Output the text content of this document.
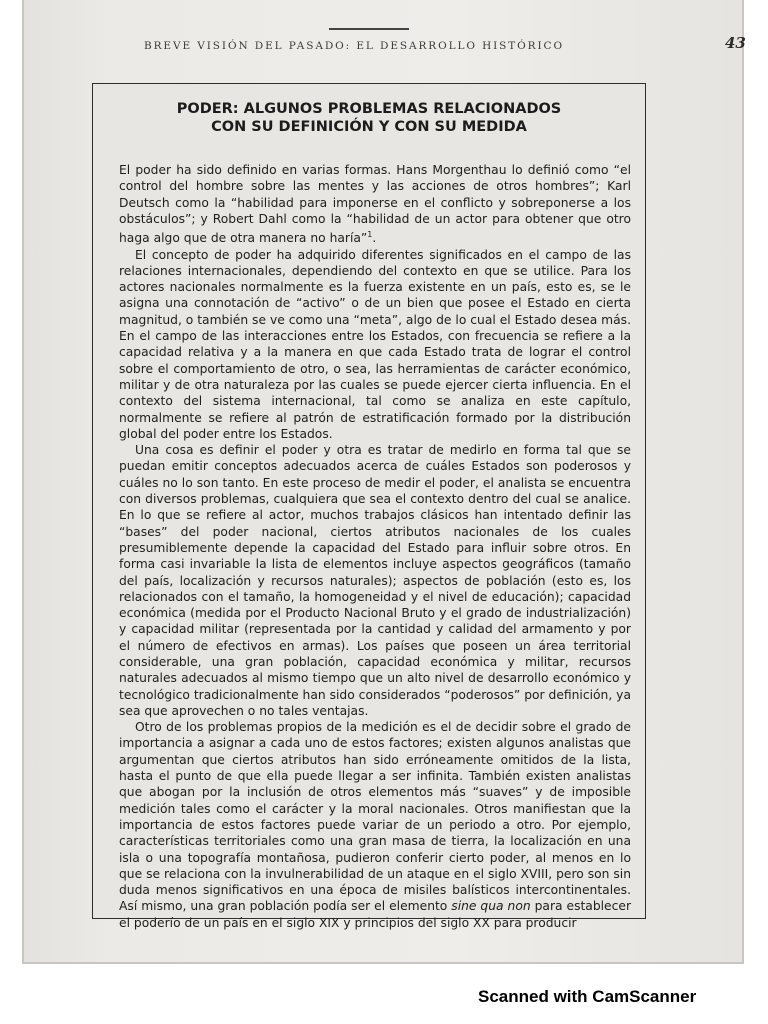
BREVE VISIÓN DEL PASADO: EL DESARROLLO HISTÓRICO	43
PODER: ALGUNOS PROBLEMAS RELACIONADOS
CON SU DEFINICIÓN Y CON SU MEDIDA

El poder ha sido definido en varias formas. Hans Morgenthau lo definió como “el control del hombre sobre las mentes y las acciones de otros hombres”; Karl Deutsch como la “habilidad para imponerse en el conflicto y sobreponerse a los obstáculos”; y Robert Dahl como la “habilidad de un actor para obtener que otro haga algo que de otra manera no haría”$^1$.

El concepto de poder ha adquirido diferentes significados en el campo de las relaciones internacionales, dependiendo del contexto en que se utilice. Para los actores nacionales normalmente es la fuerza existente en un país, esto es, se le asigna una connotación de “activo” o de un bien que posee el Estado en cierta magnitud, o también se ve como una “meta”, algo de lo cual el Estado desea más. En el campo de las interacciones entre los Estados, con frecuencia se refiere a la capacidad relativa y a la manera en que cada Estado trata de lograr el control sobre el comportamiento de otro, o sea, las herramientas de carácter económico, militar y de otra naturaleza por las cuales se puede ejercer cierta influencia. En el contexto del sistema internacional, tal como se analiza en este capítulo, normalmente se refiere al patrón de estratificación formado por la distribución global del poder entre los Estados.

Una cosa es definir el poder y otra es tratar de medirlo en forma tal que se puedan emitir conceptos adecuados acerca de cuáles Estados son poderosos y cuáles no lo son tanto. En este proceso de medir el poder, el analista se encuentra con diversos problemas, cualquiera que sea el contexto dentro del cual se analice. En lo que se refiere al actor, muchos trabajos clásicos han intentado definir las “bases” del poder nacional, ciertos atributos nacionales de los cuales presumiblemente depende la capacidad del Estado para influir sobre otros. En forma casi invariable la lista de elementos incluye aspectos geográficos (tamaño del país, localización y recursos naturales); aspectos de población (esto es, los relacionados con el tamaño, la homogeneidad y el nivel de educación); capacidad económica (medida por el Producto Nacional Bruto y el grado de industrialización) y capacidad militar (representada por la cantidad y calidad del armamento y por el número de efectivos en armas). Los países que poseen un área territorial considerable, una gran población, capacidad económica y militar, recursos naturales adecuados al mismo tiempo que un alto nivel de desarrollo económico y tecnológico tradicionalmente han sido considerados “poderosos” por definición, ya sea que aprovechen o no tales ventajas.

Otro de los problemas propios de la medición es el de decidir sobre el grado de importancia a asignar a cada uno de estos factores; existen algunos analistas que argumentan que ciertos atributos han sido erróneamente omitidos de la lista, hasta el punto de que ella puede llegar a ser infinita. También existen analistas que abogan por la inclusión de otros elementos más “suaves” y de imposible medición tales como el carácter y la moral nacionales. Otros manifiestan que la importancia de estos factores puede variar de un periodo a otro. Por ejemplo, características territoriales como una gran masa de tierra, la localización en una isla o una topografía montañosa, pudieron conferir cierto poder, al menos en lo que se relaciona con la invulnerabilidad de un ataque en el siglo XVIII, pero son sin duda menos significativos en una época de misiles balísticos intercontinentales. Así mismo, una gran población podía ser el elemento sine qua non para establecer el poderío de un país en el siglo XIX y principios del siglo XX para producir

Scanned with CamScanner
